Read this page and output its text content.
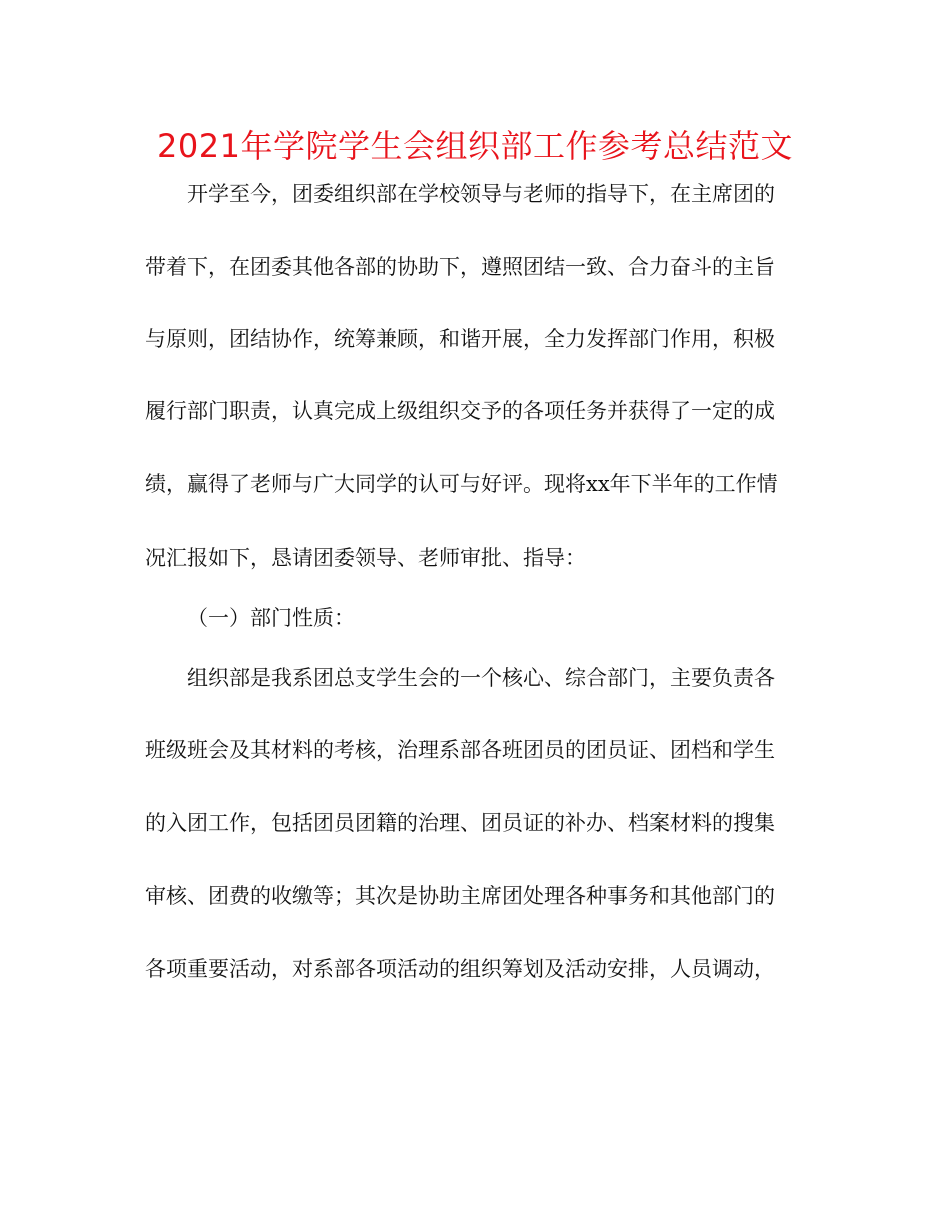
2021年学院学生会组织部工作参考总结范文
开学至今，团委组织部在学校领导与老师的指导下，在主席团的
带着下，在团委其他各部的协助下，遵照团结一致、合力奋斗的主旨
与原则，团结协作，统筹兼顾，和谐开展，全力发挥部门作用，积极
履行部门职责，认真完成上级组织交予的各项任务并获得了一定的成
绩，赢得了老师与广大同学的认可与好评。现将xx年下半年的工作情
况汇报如下，恳请团委领导、老师审批、指导：
（一）部门性质：
组织部是我系团总支学生会的一个核心、综合部门，主要负责各
班级班会及其材料的考核，治理系部各班团员的团员证、团档和学生
的入团工作，包括团员团籍的治理、团员证的补办、档案材料的搜集
审核、团费的收缴等；其次是协助主席团处理各种事务和其他部门的
各项重要活动，对系部各项活动的组织筹划及活动安排，人员调动，
